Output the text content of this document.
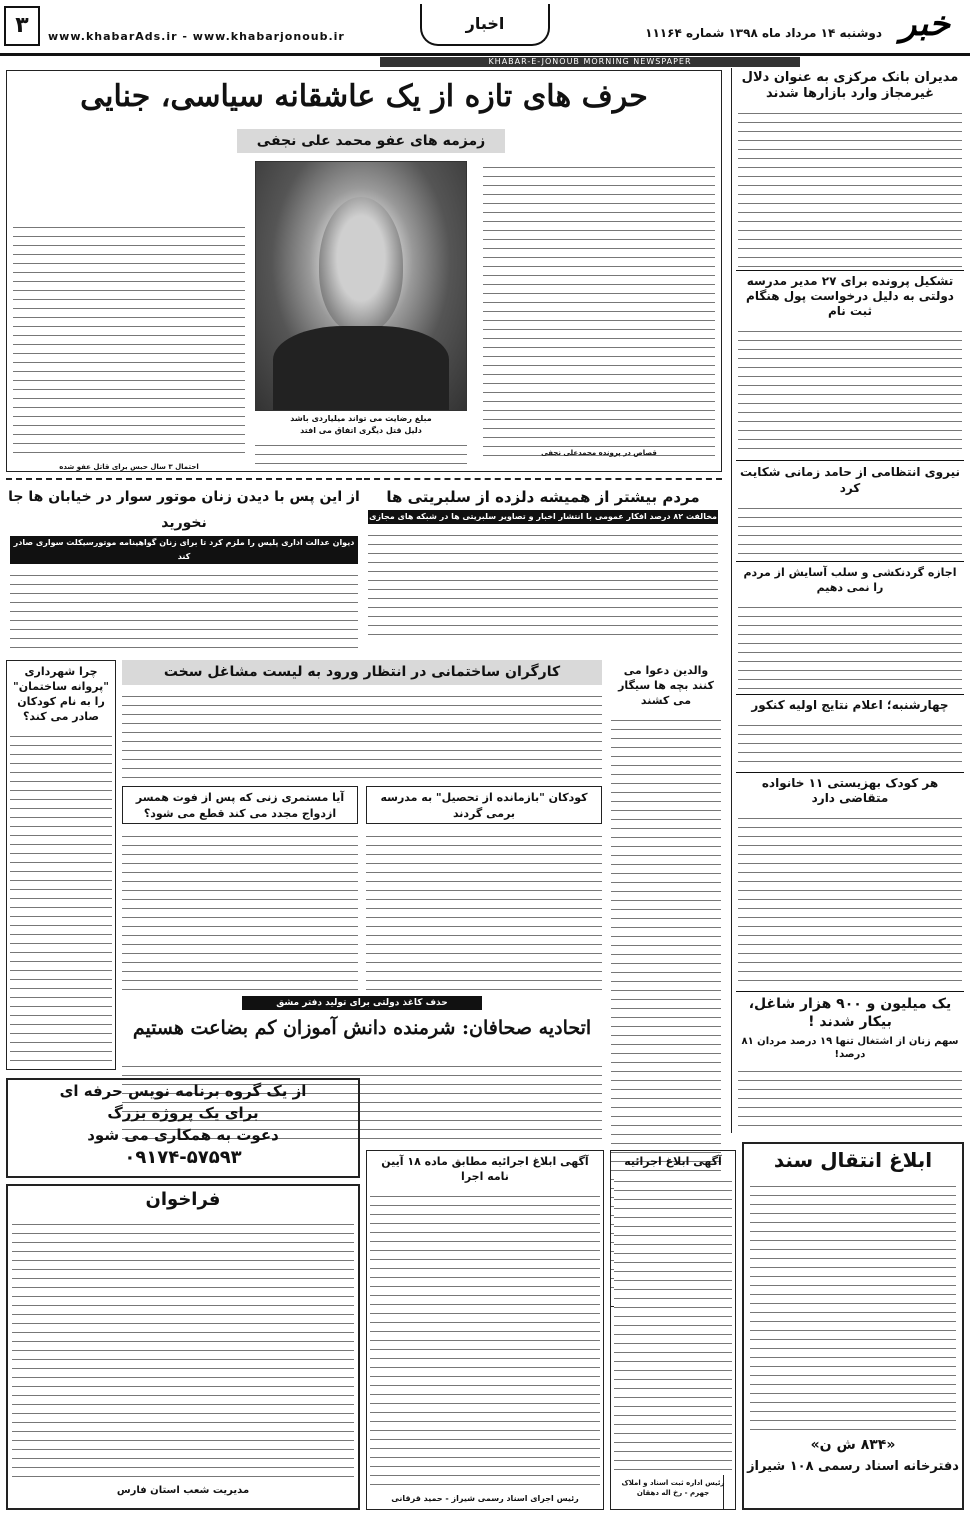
خبر
دوشنبه ۱۴ مرداد ماه ۱۳۹۸ شماره ۱۱۱۶۴
اخبار
www.khabarAds.ir - www.khabarjonoub.ir
۳
KHABAR-E-JONOUB MORNING NEWSPAPER
مدیران بانک مرکزی به عنوان دلال غیرمجاز وارد بازارها شدند
تشکیل پرونده برای ۲۷ مدیر مدرسه دولتی به دلیل درخواست پول هنگام ثبت نام
نیروی انتظامی از حامد زمانی شکایت کرد
اجازه گردنکشی و سلب آسایش از مردم را نمی دهیم
چهارشنبه؛ اعلام نتایج اولیه کنکور
هر کودک بهزیستی ۱۱ خانواده متقاضی دارد
یک میلیون و ۹۰۰ هزار شاغل، بیکار شدند !
سهم زنان از اشتغال تنها ۱۹ درصد مردان ۸۱ درصد!
حرف های تازه از یک عاشقانه سیاسی، جنایی
زمزمه های عفو محمد علی نجفی
مبلغ رضایت می تواند میلیاردی باشد
دلیل قتل دیگری اتفاق می افتد
احتمال ۳ سال حبس برای قاتل عفو شده
قصاص در پرونده محمدعلی نجفی
مردم بیشتر از همیشه دلزده از سلبریتی ها
مخالفت ۸۲ درصد افکار عمومی با انتشار اخبار و تصاویر سلبریتی ها در شبکه های مجازی
از این پس با دیدن زنان موتور سوار در خیابان ها جا نخورید
دیوان عدالت اداری پلیس را ملزم کرد تا برای زنان گواهینامه موتورسیکلت سواری صادر کند
چرا شهرداری "پروانه ساختمان" را به نام کودکان صادر می کند؟
کارگران ساختمانی در انتظار ورود به لیست مشاغل سخت	والدین دعوا می کنند بچه ها سیگار می کشند
کودکان "بازمانده از تحصیل" به مدرسه برمی گردند
آیا مستمری زنی که پس از فوت همسر ازدواج مجدد می کند قطع می شود؟
حذف کاغذ دولتی برای تولید دفتر مشق
اتحادیه صحافان: شرمنده دانش آموزان کم بضاعت هستیم
از یک گروه برنامه نویس حرفه ای
برای یک پروژه بزرگ
دعوت به همکاری می شود
۰۹۱۷۴-۵۷۵۹۳
فراخوان
مدیریت شعب استان فارس
آگهی ابلاغ اجرائیه مطابق ماده ۱۸ آیین نامه اجرا
رئیس اجرای اسناد رسمی شیراز - حمید قرقانی
آگهی ابلاغ اجرائیه
رئیس اداره ثبت اسناد و املاک جهرم - رخ اله دهقان
ابلاغ انتقال سند
«۸۳۴ ش ن»
دفترخانه اسناد رسمی ۱۰۸ شیراز
